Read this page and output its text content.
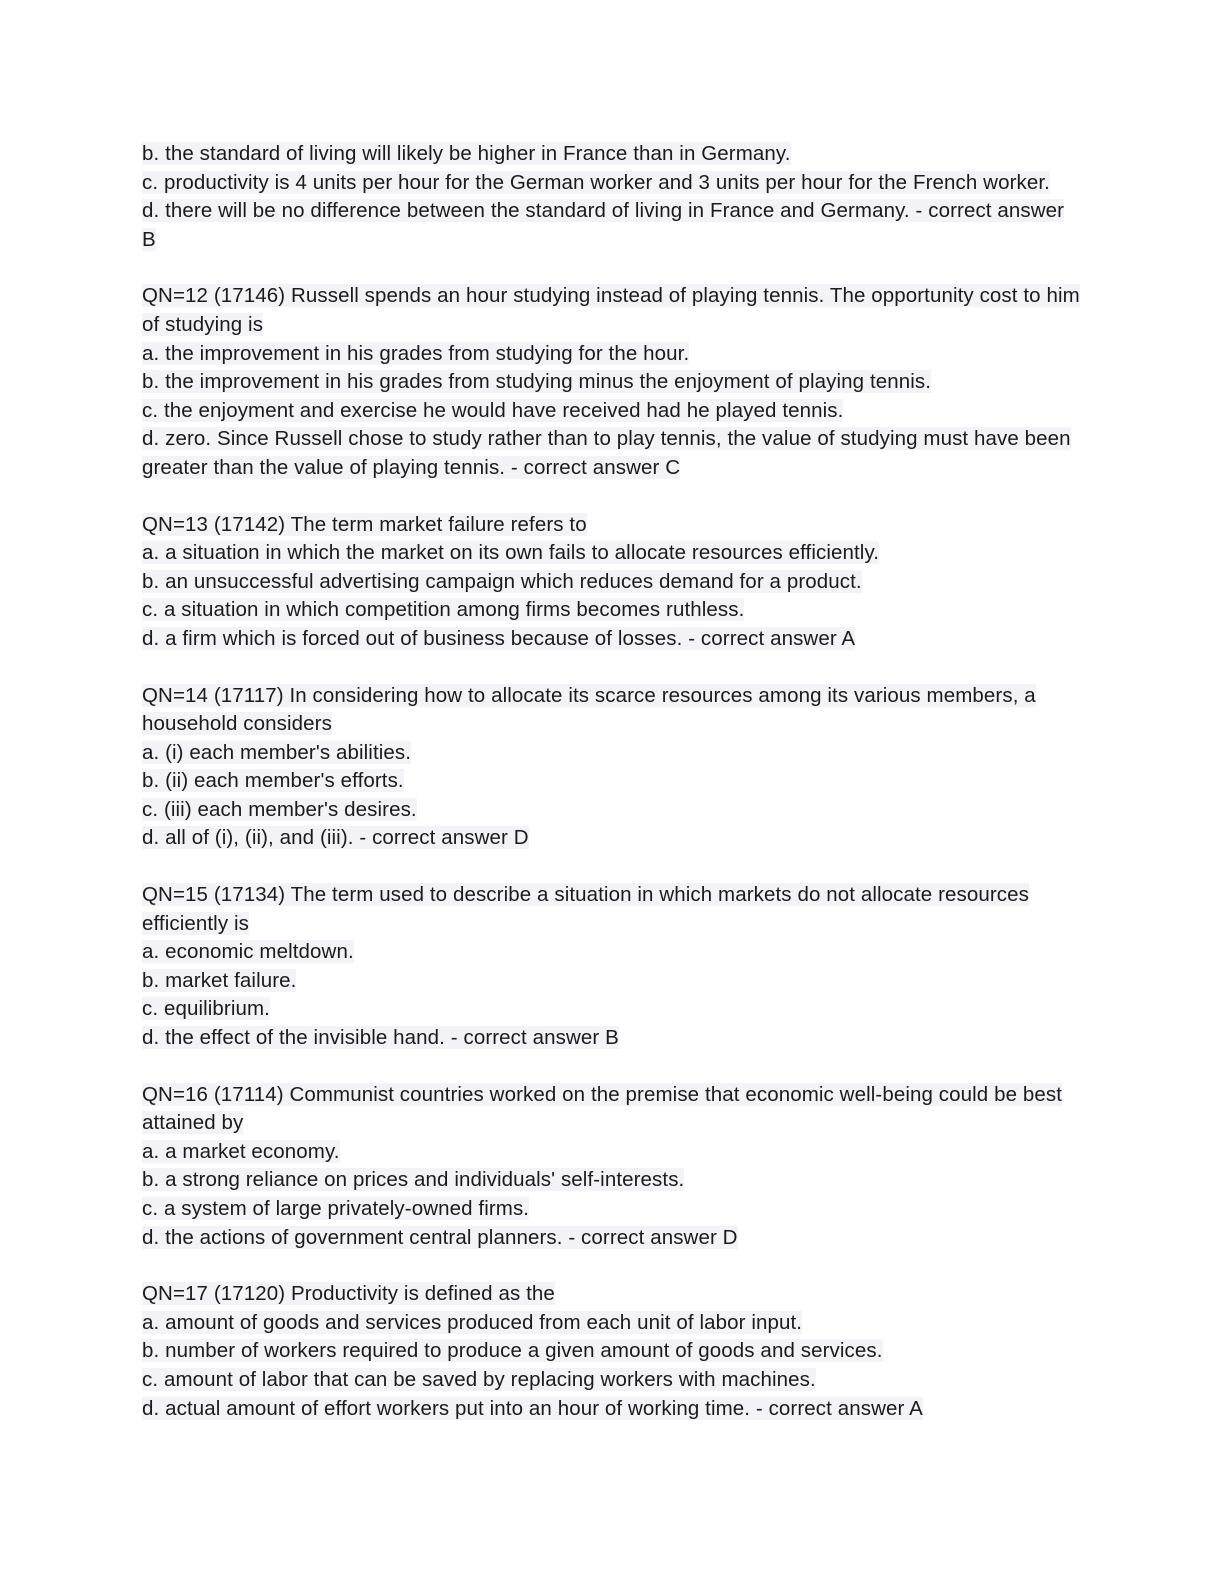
b. the standard of living will likely be higher in France than in Germany.

c. productivity is 4 units per hour for the German worker and 3 units per hour for the French worker.

d. there will be no difference between the standard of living in France and Germany. - correct answer B

QN=12 (17146) Russell spends an hour studying instead of playing tennis. The opportunity cost to him of studying is

a. the improvement in his grades from studying for the hour.

b. the improvement in his grades from studying minus the enjoyment of playing tennis.

c. the enjoyment and exercise he would have received had he played tennis.

d. zero. Since Russell chose to study rather than to play tennis, the value of studying must have been greater than the value of playing tennis. - correct answer C

QN=13 (17142) The term market failure refers to

a. a situation in which the market on its own fails to allocate resources efficiently.

b. an unsuccessful advertising campaign which reduces demand for a product.

c. a situation in which competition among firms becomes ruthless.

d. a firm which is forced out of business because of losses. - correct answer A

QN=14 (17117) In considering how to allocate its scarce resources among its various members, a household considers

a. (i) each member's abilities.

b. (ii) each member's efforts.

c. (iii) each member's desires.

d. all of (i), (ii), and (iii). - correct answer D

QN=15 (17134) The term used to describe a situation in which markets do not allocate resources efficiently is

a. economic meltdown.

b. market failure.

c. equilibrium.

d. the effect of the invisible hand. - correct answer B

QN=16 (17114) Communist countries worked on the premise that economic well-being could be best attained by

a. a market economy.

b. a strong reliance on prices and individuals' self-interests.

c. a system of large privately-owned firms.

d. the actions of government central planners. - correct answer D

QN=17 (17120) Productivity is defined as the

a. amount of goods and services produced from each unit of labor input.

b. number of workers required to produce a given amount of goods and services.

c. amount of labor that can be saved by replacing workers with machines.

d. actual amount of effort workers put into an hour of working time. - correct answer A
